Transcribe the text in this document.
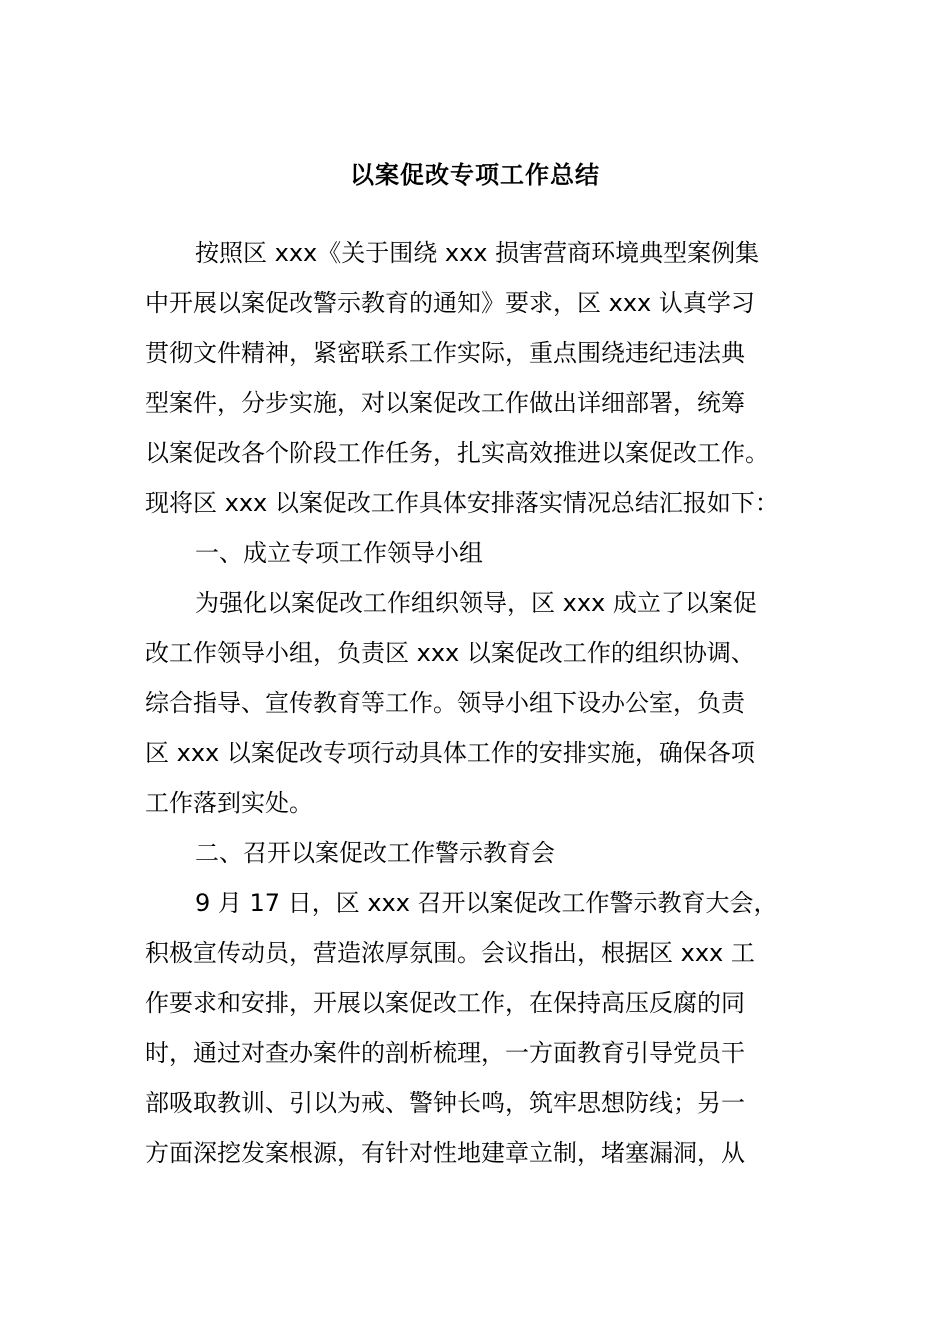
以案促改专项工作总结
按照区 xxx《关于围绕 xxx 损害营商环境典型案例集
中开展以案促改警示教育的通知》要求，区 xxx 认真学习
贯彻文件精神，紧密联系工作实际，重点围绕违纪违法典
型案件，分步实施，对以案促改工作做出详细部署，统筹
以案促改各个阶段工作任务，扎实高效推进以案促改工作。
现将区 xxx 以案促改工作具体安排落实情况总结汇报如下：
一、成立专项工作领导小组
为强化以案促改工作组织领导，区 xxx 成立了以案促
改工作领导小组，负责区 xxx 以案促改工作的组织协调、
综合指导、宣传教育等工作。领导小组下设办公室，负责
区 xxx 以案促改专项行动具体工作的安排实施，确保各项
工作落到实处。
二、召开以案促改工作警示教育会
9 月 17 日，区 xxx 召开以案促改工作警示教育大会，
积极宣传动员，营造浓厚氛围。会议指出，根据区 xxx 工
作要求和安排，开展以案促改工作，在保持高压反腐的同
时，通过对查办案件的剖析梳理，一方面教育引导党员干
部吸取教训、引以为戒、警钟长鸣，筑牢思想防线；另一
方面深挖发案根源，有针对性地建章立制，堵塞漏洞，从
